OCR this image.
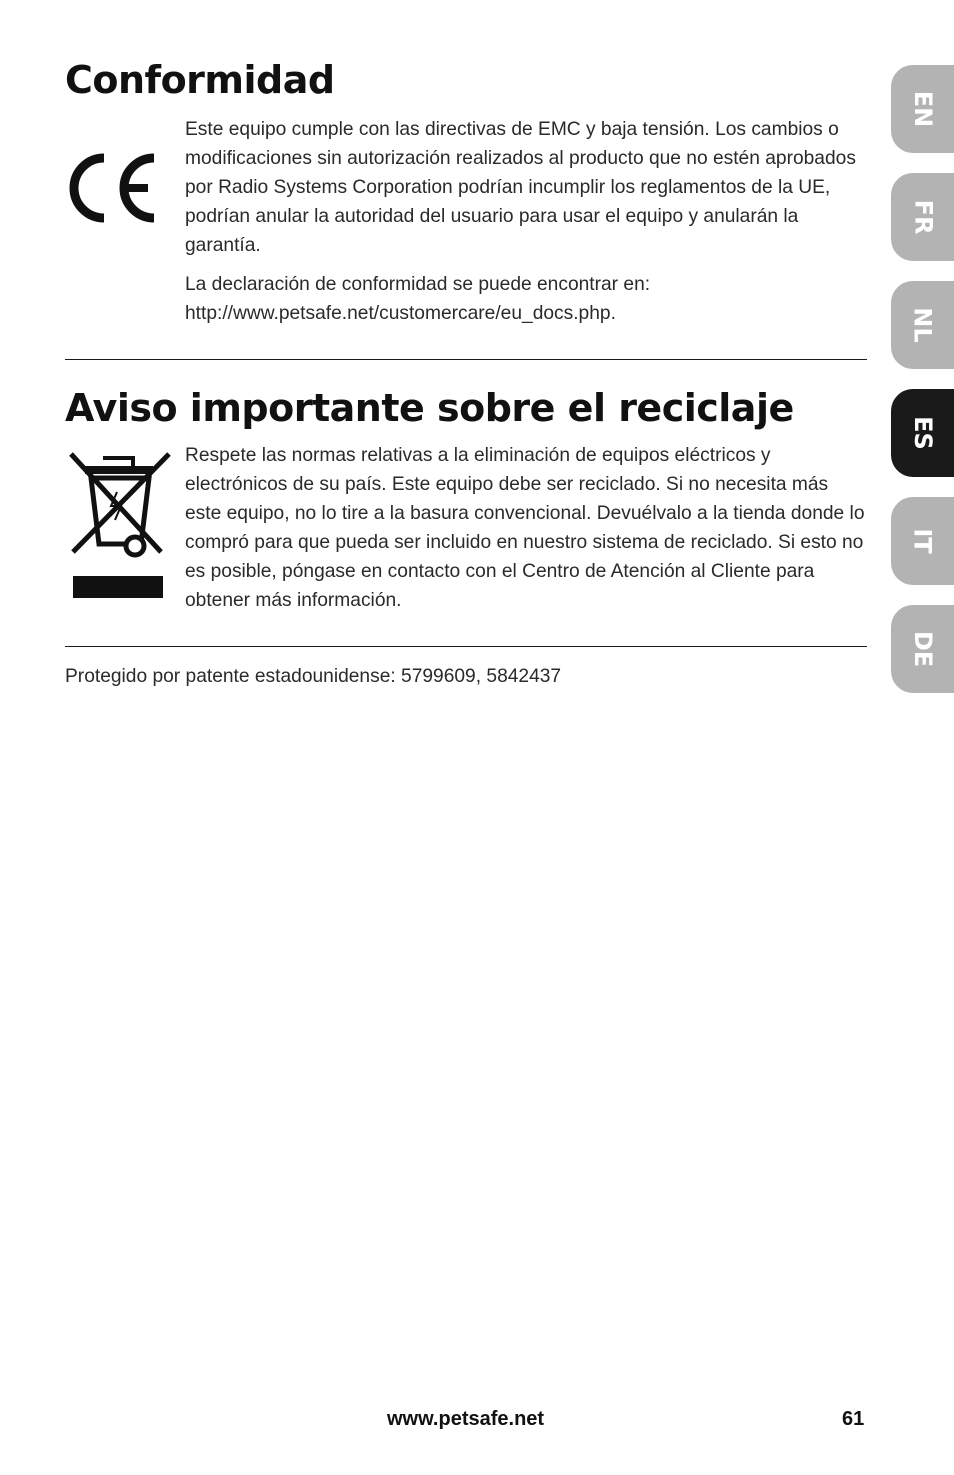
Conformidad

Este equipo cumple con las directivas de EMC y baja tensión. Los cambios o modificaciones sin autorización realizados al producto que no estén aprobados por Radio Systems Corporation podrían incumplir los reglamentos de la UE, podrían anular la autoridad del usuario para usar el equipo y anularán la garantía.

La declaración de conformidad se puede encontrar en: http://www.petsafe.net/customercare/eu_docs.php.

Aviso importante sobre el reciclaje

Respete las normas relativas a la eliminación de equipos eléctricos y electrónicos de su país. Este equipo debe ser reciclado. Si no necesita más este equipo, no lo tire a la basura convencional. Devuélvalo a la tienda donde lo compró para que pueda ser incluido en nuestro sistema de reciclado. Si esto no es posible, póngase en contacto con el Centro de Atención al Cliente para obtener más información.

Protegido por patente estadounidense: 5799609, 5842437

EN
FR
NL
ES
IT
DE
www.petsafe.net	61
